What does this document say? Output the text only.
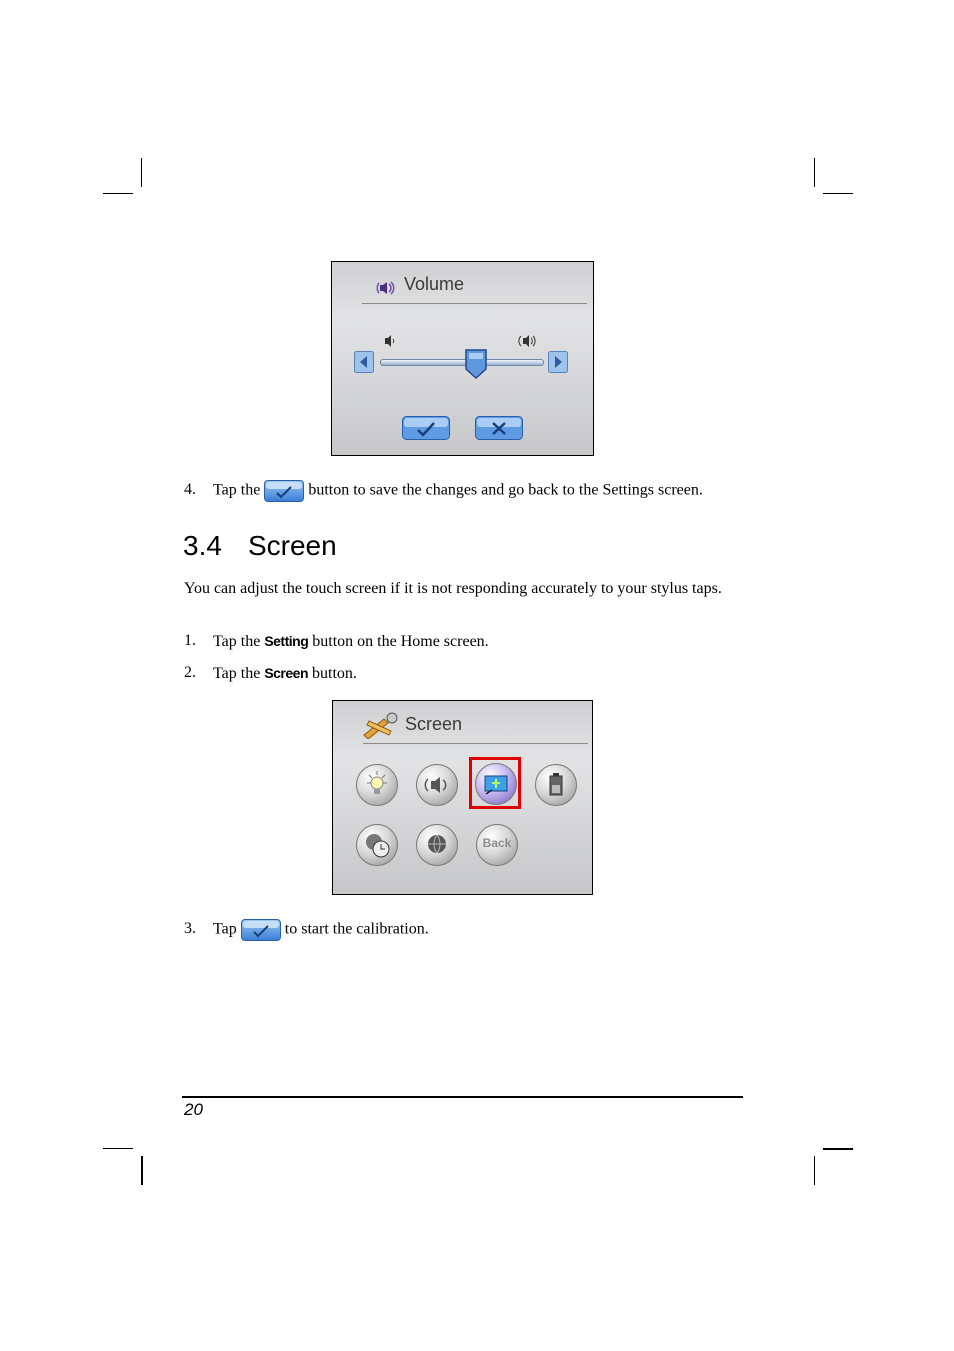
Volume
4. Tap the	button to save the changes and go back to the Settings screen.
3.4 Screen
You can adjust the touch screen if it is not responding accurately to your stylus taps.
1. Tap the Setting button on the Home screen.
2. Tap the Screen button.
Screen
Back
3. Tap	to start the calibration.
20
